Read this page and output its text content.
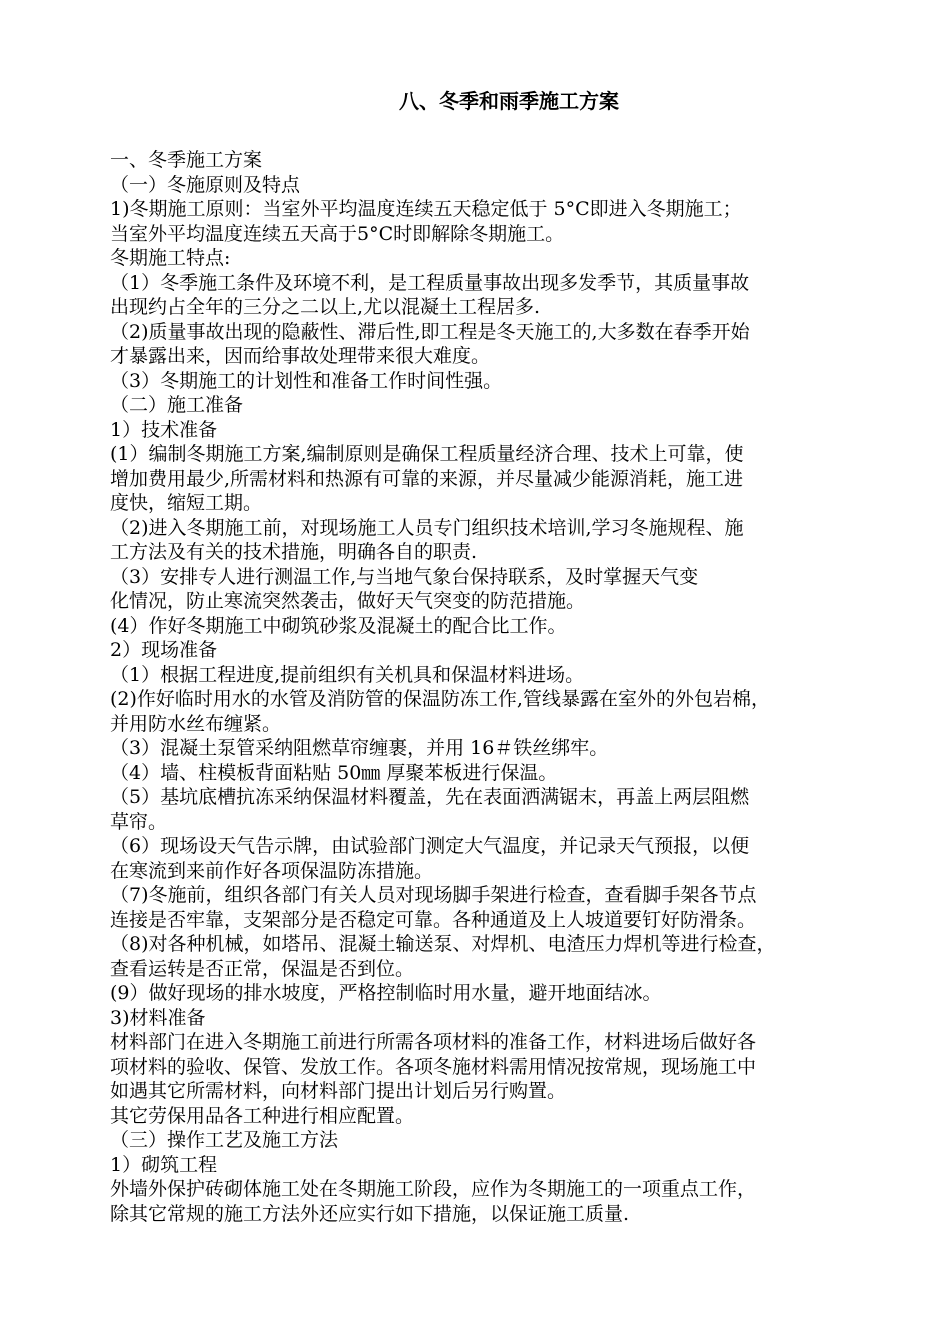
八、冬季和雨季施工方案
一、冬季施工方案
（一）冬施原则及特点
1)冬期施工原则：当室外平均温度连续五天稳定低于 5°C即进入冬期施工；
当室外平均温度连续五天高于5°C时即解除冬期施工。
冬期施工特点:
（1）冬季施工条件及环境不利，是工程质量事故出现多发季节，其质量事故
出现约占全年的三分之二以上,尤以混凝土工程居多.
（2)质量事故出现的隐蔽性、滞后性,即工程是冬天施工的,大多数在春季开始
才暴露出来，因而给事故处理带来很大难度。
（3）冬期施工的计划性和准备工作时间性强。
（二）施工准备
1）技术准备
(1）编制冬期施工方案,编制原则是确保工程质量经济合理、技术上可靠，使
增加费用最少,所需材料和热源有可靠的来源，并尽量减少能源消耗，施工进
度快，缩短工期。
（2)进入冬期施工前，对现场施工人员专门组织技术培训,学习冬施规程、施
工方法及有关的技术措施，明确各自的职责.
（3）安排专人进行测温工作,与当地气象台保持联系，及时掌握天气变
化情况，防止寒流突然袭击，做好天气突变的防范措施。
(4）作好冬期施工中砌筑砂浆及混凝土的配合比工作。
2）现场准备
（1）根据工程进度,提前组织有关机具和保温材料进场。
(2)作好临时用水的水管及消防管的保温防冻工作,管线暴露在室外的外包岩棉，
并用防水丝布缠紧。
（3）混凝土泵管采纳阻燃草帘缠裹，并用 16＃铁丝绑牢。
（4）墙、柱模板背面粘贴 50㎜ 厚聚苯板进行保温。
（5）基坑底槽抗冻采纳保温材料覆盖，先在表面洒满锯末，再盖上两层阻燃
草帘。
（6）现场设天气告示牌，由试验部门测定大气温度，并记录天气预报，以便
在寒流到来前作好各项保温防冻措施。
（7)冬施前，组织各部门有关人员对现场脚手架进行检查，查看脚手架各节点
连接是否牢靠，支架部分是否稳定可靠。各种通道及上人坡道要钉好防滑条。
（8)对各种机械，如塔吊、混凝土输送泵、对焊机、电渣压力焊机等进行检查，
查看运转是否正常，保温是否到位。
(9）做好现场的排水坡度，严格控制临时用水量，避开地面结冰。
3)材料准备
材料部门在进入冬期施工前进行所需各项材料的准备工作，材料进场后做好各
项材料的验收、保管、发放工作。各项冬施材料需用情况按常规，现场施工中
如遇其它所需材料，向材料部门提出计划后另行购置。
其它劳保用品各工种进行相应配置。
（三）操作工艺及施工方法
1）砌筑工程
外墙外保护砖砌体施工处在冬期施工阶段，应作为冬期施工的一项重点工作，
除其它常规的施工方法外还应实行如下措施，以保证施工质量.
